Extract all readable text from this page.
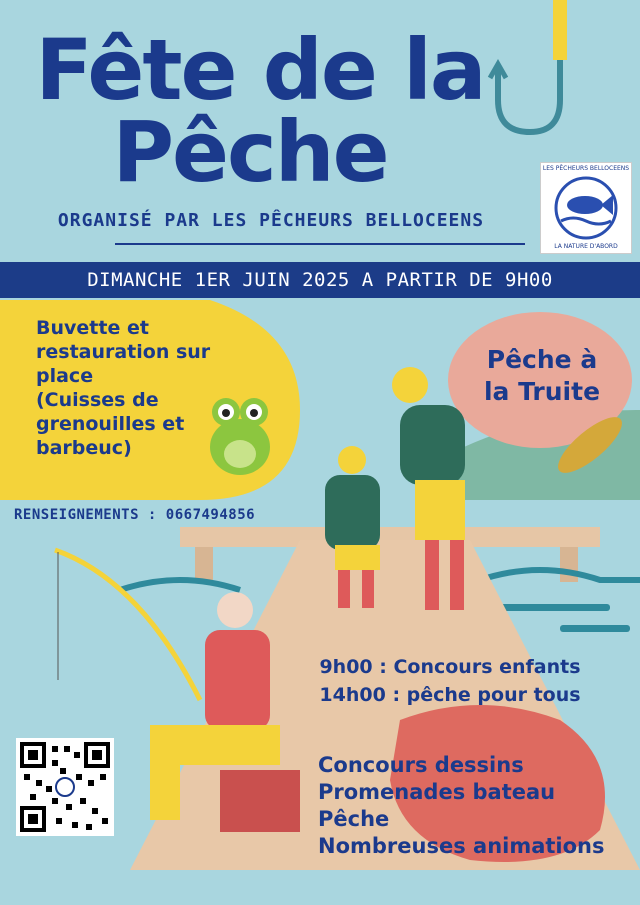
Fête de la
Pêche
ORGANISÉ PAR LES PÊCHEURS BELLOCEENS
LES PÊCHEURS BELLOCEENS
LA NATURE D'ABORD
DIMANCHE 1ER JUIN 2025 A PARTIR DE 9H00
Buvette et
restauration sur
place
(Cuisses de
grenouilles et
barbeuc)
Pêche à
la Truite
RENSEIGNEMENTS : 0667494856
9h00 : Concours enfants
14h00 : pêche pour tous
Concours dessins
Promenades bateau
Pêche
Nombreuses animations
